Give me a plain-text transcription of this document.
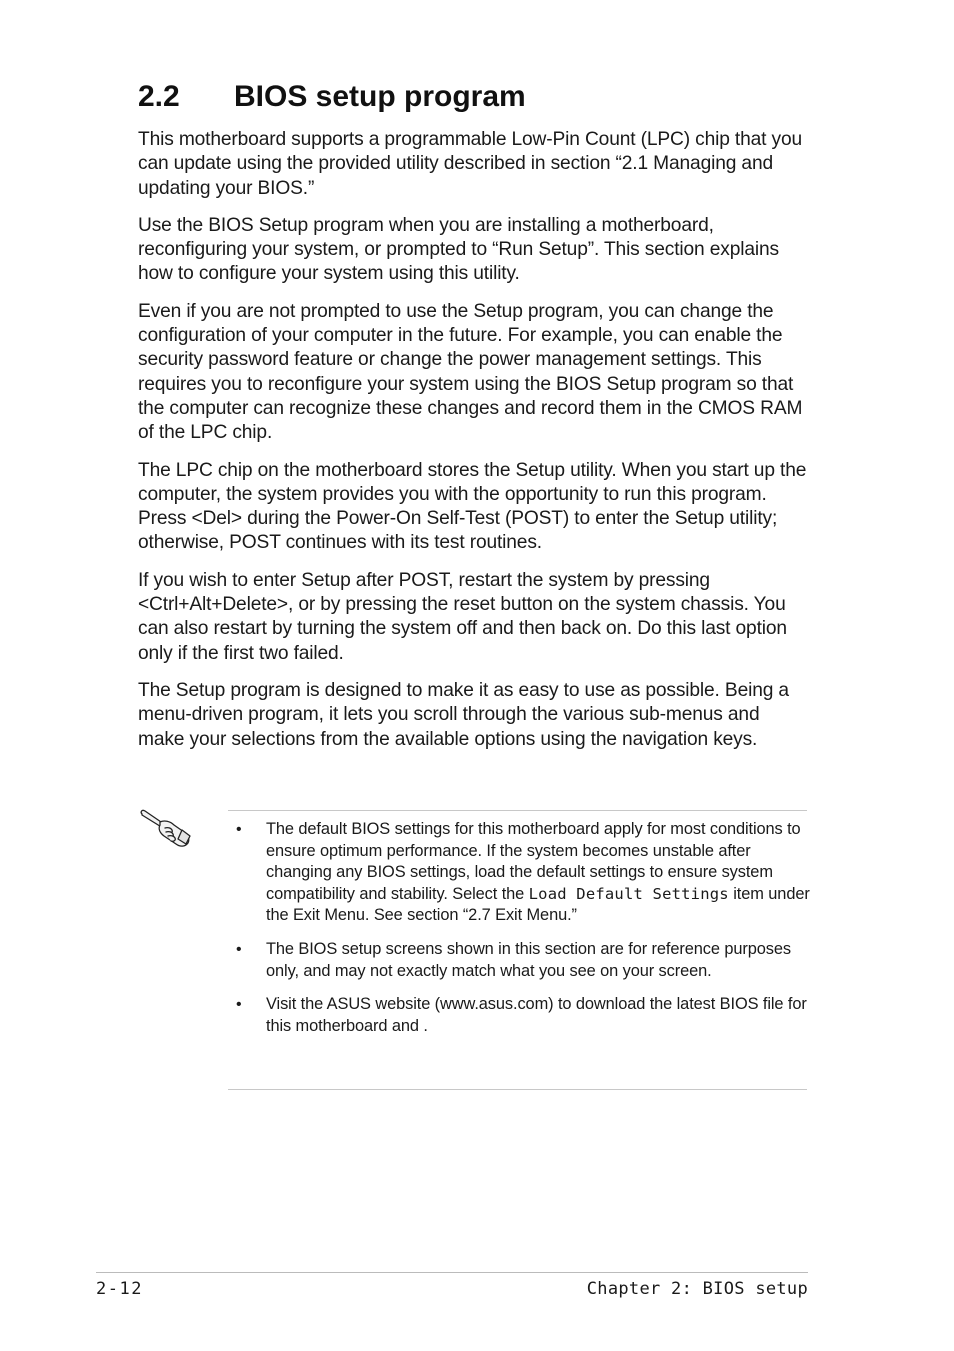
2.2 BIOS setup program

This motherboard supports a programmable Low-Pin Count (LPC) chip that you can update using the provided utility described in section “2.1 Managing and updating your BIOS.”

Use the BIOS Setup program when you are installing a motherboard, reconfiguring your system, or prompted to “Run Setup”. This section explains how to configure your system using this utility.

Even if you are not prompted to use the Setup program, you can change the configuration of your computer in the future. For example, you can enable the security password feature or change the power management settings. This requires you to reconfigure your system using the BIOS Setup program so that the computer can recognize these changes and record them in the CMOS RAM of the LPC chip.

The LPC chip on the motherboard stores the Setup utility. When you start up the computer, the system provides you with the opportunity to run this program. Press <Del> during the Power-On Self-Test (POST) to enter the Setup utility; otherwise, POST continues with its test routines.

If you wish to enter Setup after POST, restart the system by pressing <Ctrl+Alt+Delete>, or by pressing the reset button on the system chassis. You can also restart by turning the system off and then back on. Do this last option only if the first two failed.

The Setup program is designed to make it as easy to use as possible. Being a menu-driven program, it lets you scroll through the various sub-menus and make your selections from the available options using the navigation keys.

• The default BIOS settings for this motherboard apply for most conditions to ensure optimum performance. If the system becomes unstable after changing any BIOS settings, load the default settings to ensure system compatibility and stability. Select the Load Default Settings item under the Exit Menu. See section “2.7 Exit Menu.”
• The BIOS setup screens shown in this section are for reference purposes only, and may not exactly match what you see on your screen.
• Visit the ASUS website (www.asus.com) to download the latest BIOS file for this motherboard and .
2-12	Chapter 2: BIOS setup
